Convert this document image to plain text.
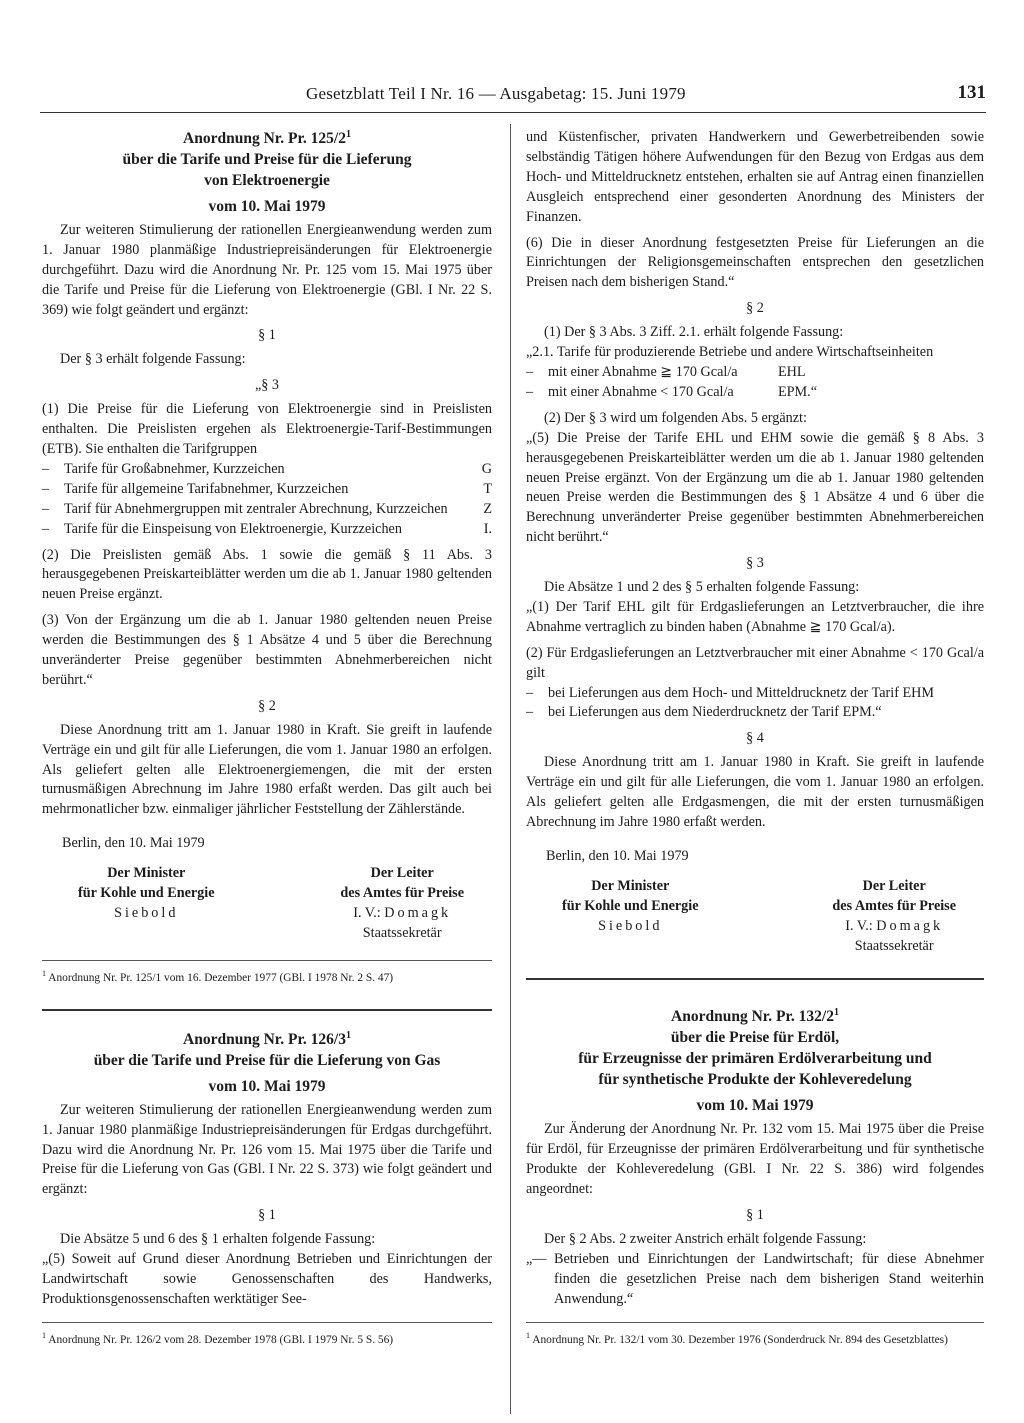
Gesetzblatt Teil I Nr. 16 — Ausgabetag: 15. Juni 1979	131
Anordnung Nr. Pr. $125/2^1$
über die Tarife und Preise für die Lieferung
von Elektroenergie
vom 10. Mai 1979

Zur weiteren Stimulierung der rationellen Energieanwendung werden zum 1. Januar 1980 planmäßige Industriepreisänderungen für Elektroenergie durchgeführt. Dazu wird die Anordnung Nr. Pr. 125 vom 15. Mai 1975 über die Tarife und Preise für die Lieferung von Elektroenergie (GBl. I Nr. 22 S. 369) wie folgt geändert und ergänzt:

§ 1

Der § 3 erhält folgende Fassung:

„§ 3

(1) Die Preise für die Lieferung von Elektroenergie sind in Preislisten enthalten. Die Preislisten ergehen als Elektroenergie-Tarif-Bestimmungen (ETB). Sie enthalten die Tarifgruppen

–	Tarife für Großabnehmer, Kurzzeichen	G
–	Tarife für allgemeine Tarifabnehmer, Kurzzeichen	T
–	Tarif für Abnehmergruppen mit zentraler Abrechnung, Kurzzeichen	Z
–	Tarife für die Einspeisung von Elektroenergie, Kurzzeichen	I.

(2) Die Preislisten gemäß Abs. 1 sowie die gemäß § 11 Abs. 3 herausgegebenen Preiskarteiblätter werden um die ab 1. Januar 1980 geltenden neuen Preise ergänzt.

(3) Von der Ergänzung um die ab 1. Januar 1980 geltenden neuen Preise werden die Bestimmungen des § 1 Absätze 4 und 5 über die Berechnung unveränderter Preise gegenüber bestimmten Abnehmerbereichen nicht berührt.“

§ 2

Diese Anordnung tritt am 1. Januar 1980 in Kraft. Sie greift in laufende Verträge ein und gilt für alle Lieferungen, die vom 1. Januar 1980 an erfolgen. Als geliefert gelten alle Elektroenergiemengen, die mit der ersten turnusmäßigen Abrechnung im Jahre 1980 erfaßt werden. Das gilt auch bei mehrmonatlicher bzw. einmaliger jährlicher Feststellung der Zählerstände.

Berlin, den 10. Mai 1979
Der Minister
für Kohle und Energie
Siebold
Der Leiter
des Amtes für Preise
I. V.: Domagk
Staatssekretär
$^1$ Anordnung Nr. Pr. 125/1 vom 16. Dezember 1977 (GBl. I 1978 Nr. 2 S. 47)
Anordnung Nr. Pr. $126/3^1$
über die Tarife und Preise für die Lieferung von Gas
vom 10. Mai 1979

Zur weiteren Stimulierung der rationellen Energieanwendung werden zum 1. Januar 1980 planmäßige Industriepreisänderungen für Erdgas durchgeführt. Dazu wird die Anordnung Nr. Pr. 126 vom 15. Mai 1975 über die Tarife und Preise für die Lieferung von Gas (GBl. I Nr. 22 S. 373) wie folgt geändert und ergänzt:

§ 1

Die Absätze 5 und 6 des § 1 erhalten folgende Fassung:

„(5) Soweit auf Grund dieser Anordnung Betrieben und Einrichtungen der Landwirtschaft sowie Genossenschaften des Handwerks, Produktionsgenossenschaften werktätiger See-

$^1$ Anordnung Nr. Pr. 126/2 vom 28. Dezember 1978 (GBl. I 1979 Nr. 5 S. 56)

und Küstenfischer, privaten Handwerkern und Gewerbetreibenden sowie selbständig Tätigen höhere Aufwendungen für den Bezug von Erdgas aus dem Hoch- und Mitteldrucknetz entstehen, erhalten sie auf Antrag einen finanziellen Ausgleich entsprechend einer gesonderten Anordnung des Ministers der Finanzen.

(6) Die in dieser Anordnung festgesetzten Preise für Lieferungen an die Einrichtungen der Religionsgemeinschaften entsprechen den gesetzlichen Preisen nach dem bisherigen Stand.“

§ 2

(1) Der § 3 Abs. 3 Ziff. 2.1. erhält folgende Fassung:

„2.1. Tarife für produzierende Betriebe und andere Wirtschaftseinheiten

–	mit einer Abnahme ≧ 170 Gcal/a	EHL
–	mit einer Abnahme < 170 Gcal/a	EPM.“

(2) Der § 3 wird um folgenden Abs. 5 ergänzt:

„(5) Die Preise der Tarife EHL und EHM sowie die gemäß § 8 Abs. 3 herausgegebenen Preiskarteiblätter werden um die ab 1. Januar 1980 geltenden neuen Preise ergänzt. Von der Ergänzung um die ab 1. Januar 1980 geltenden neuen Preise werden die Bestimmungen des § 1 Absätze 4 und 6 über die Berechnung unveränderter Preise gegenüber bestimmten Abnehmerbereichen nicht berührt.“

§ 3

Die Absätze 1 und 2 des § 5 erhalten folgende Fassung:

„(1) Der Tarif EHL gilt für Erdgaslieferungen an Letztverbraucher, die ihre Abnahme vertraglich zu binden haben (Abnahme ≧ 170 Gcal/a).

(2) Für Erdgaslieferungen an Letztverbraucher mit einer Abnahme < 170 Gcal/a gilt

–	bei Lieferungen aus dem Hoch- und Mitteldrucknetz der Tarif EHM
–	bei Lieferungen aus dem Niederdrucknetz der Tarif EPM.“
§ 4

Diese Anordnung tritt am 1. Januar 1980 in Kraft. Sie greift in laufende Verträge ein und gilt für alle Lieferungen, die vom 1. Januar 1980 an erfolgen. Als geliefert gelten alle Erdgasmengen, die mit der ersten turnusmäßigen Abrechnung im Jahre 1980 erfaßt werden.

Berlin, den 10. Mai 1979
Der Minister
für Kohle und Energie
Siebold
Der Leiter
des Amtes für Preise
I. V.: Domagk
Staatssekretär
Anordnung Nr. Pr. $132/2^1$
über die Preise für Erdöl,
für Erzeugnisse der primären Erdölverarbeitung und
für synthetische Produkte der Kohleveredelung
vom 10. Mai 1979

Zur Änderung der Anordnung Nr. Pr. 132 vom 15. Mai 1975 über die Preise für Erdöl, für Erzeugnisse der primären Erdölverarbeitung und für synthetische Produkte der Kohleveredelung (GBl. I Nr. 22 S. 386) wird folgendes angeordnet:

§ 1

Der § 2 Abs. 2 zweiter Anstrich erhält folgende Fassung:

„— Betrieben und Einrichtungen der Landwirtschaft; für diese Abnehmer finden die gesetzlichen Preise nach dem bisherigen Stand weiterhin Anwendung.“
$^1$ Anordnung Nr. Pr. 132/1 vom 30. Dezember 1976 (Sonderdruck Nr. 894 des Gesetzblattes)
